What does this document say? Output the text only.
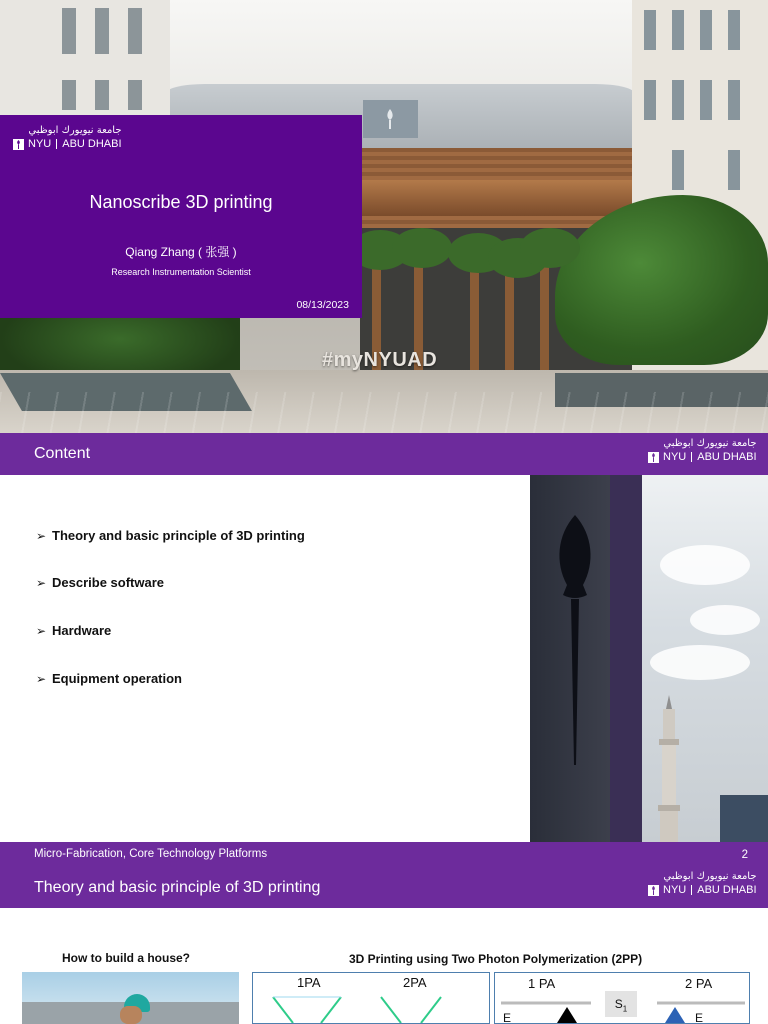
#myNYUAD
جامعة نيويورك ابوظبي
NYU ABU DHABI
Nanoscribe 3D printing
Qiang Zhang ( 张强 )
Research Instrumentation Scientist
08/13/2023
Content
جامعة نيويورك ابوظبي
NYU ABU DHABI
➢ Theory and basic principle of 3D printing
➢ Describe software
➢ Hardware
➢ Equipment operation
Micro-Fabrication, Core Technology Platforms	2
Theory and basic principle of 3D printing
جامعة نيويورك ابوظبي
NYU ABU DHABI
How to build a house?	3D Printing using Two Photon Polymerization (2PP)
1PA	2PA	1 PA	2 PA
$S_1$
E	E
